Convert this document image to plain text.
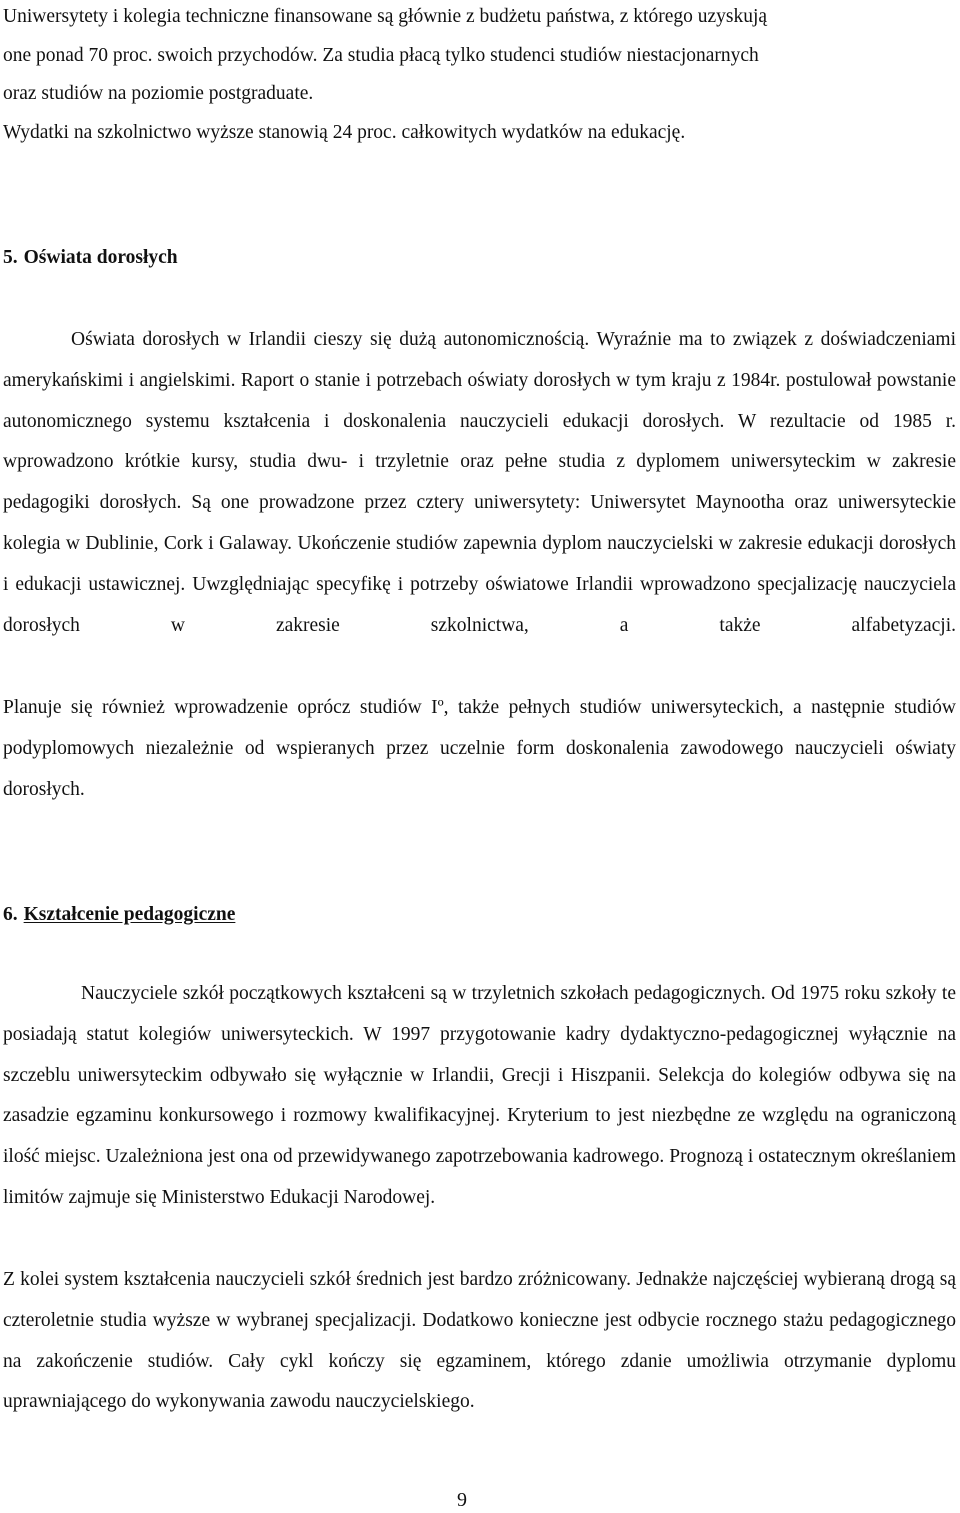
Uniwersytety i kolegia techniczne finansowane są głównie z budżetu państwa, z którego uzyskują
one ponad 70 proc. swoich przychodów. Za studia płacą tylko studenci studiów niestacjonarnych
oraz studiów na poziomie postgraduate.
Wydatki na szkolnictwo wyższe stanowią 24 proc. całkowitych wydatków na edukację.
5. Oświata dorosłych

Oświata dorosłych w Irlandii cieszy się dużą autonomicznością. Wyraźnie ma to związek z doświadczeniami amerykańskimi i angielskimi. Raport o stanie i potrzebach oświaty dorosłych w tym kraju z 1984r. postulował powstanie autonomicznego systemu kształcenia i doskonalenia nauczycieli edukacji dorosłych. W rezultacie od 1985 r. wprowadzono krótkie kursy, studia dwu- i trzyletnie oraz pełne studia z dyplomem uniwersyteckim w zakresie pedagogiki dorosłych. Są one prowadzone przez cztery uniwersytety: Uniwersytet Maynootha oraz uniwersyteckie kolegia w Dublinie, Cork i Galaway. Ukończenie studiów zapewnia dyplom nauczycielski w zakresie edukacji dorosłych i edukacji ustawicznej. Uwzględniając specyfikę i potrzeby oświatowe Irlandii wprowadzono specjalizację nauczyciela dorosłych w zakresie szkolnictwa, a także alfabetyzacji.

Planuje się również wprowadzenie oprócz studiów Iº, także pełnych studiów uniwersyteckich, a następnie studiów podyplomowych niezależnie od wspieranych przez uczelnie form doskonalenia zawodowego nauczycieli oświaty dorosłych.

6. Kształcenie pedagogiczne

Nauczyciele szkół początkowych kształceni są w trzyletnich szkołach pedagogicznych. Od 1975 roku szkoły te posiadają statut kolegiów uniwersyteckich. W 1997 przygotowanie kadry dydaktyczno-pedagogicznej wyłącznie na szczeblu uniwersyteckim odbywało się wyłącznie w Irlandii, Grecji i Hiszpanii. Selekcja do kolegiów odbywa się na zasadzie egzaminu konkursowego i rozmowy kwalifikacyjnej. Kryterium to jest niezbędne ze względu na ograniczoną ilość miejsc. Uzależniona jest ona od przewidywanego zapotrzebowania kadrowego. Prognozą i ostatecznym określaniem limitów zajmuje się Ministerstwo Edukacji Narodowej.

Z kolei system kształcenia nauczycieli szkół średnich jest bardzo zróżnicowany. Jednakże najczęściej wybieraną drogą są czteroletnie studia wyższe w wybranej specjalizacji. Dodatkowo konieczne jest odbycie rocznego stażu pedagogicznego na zakończenie studiów. Cały cykl kończy się egzaminem, którego zdanie umożliwia otrzymanie dyplomu uprawniającego do wykonywania zawodu nauczycielskiego.

9
